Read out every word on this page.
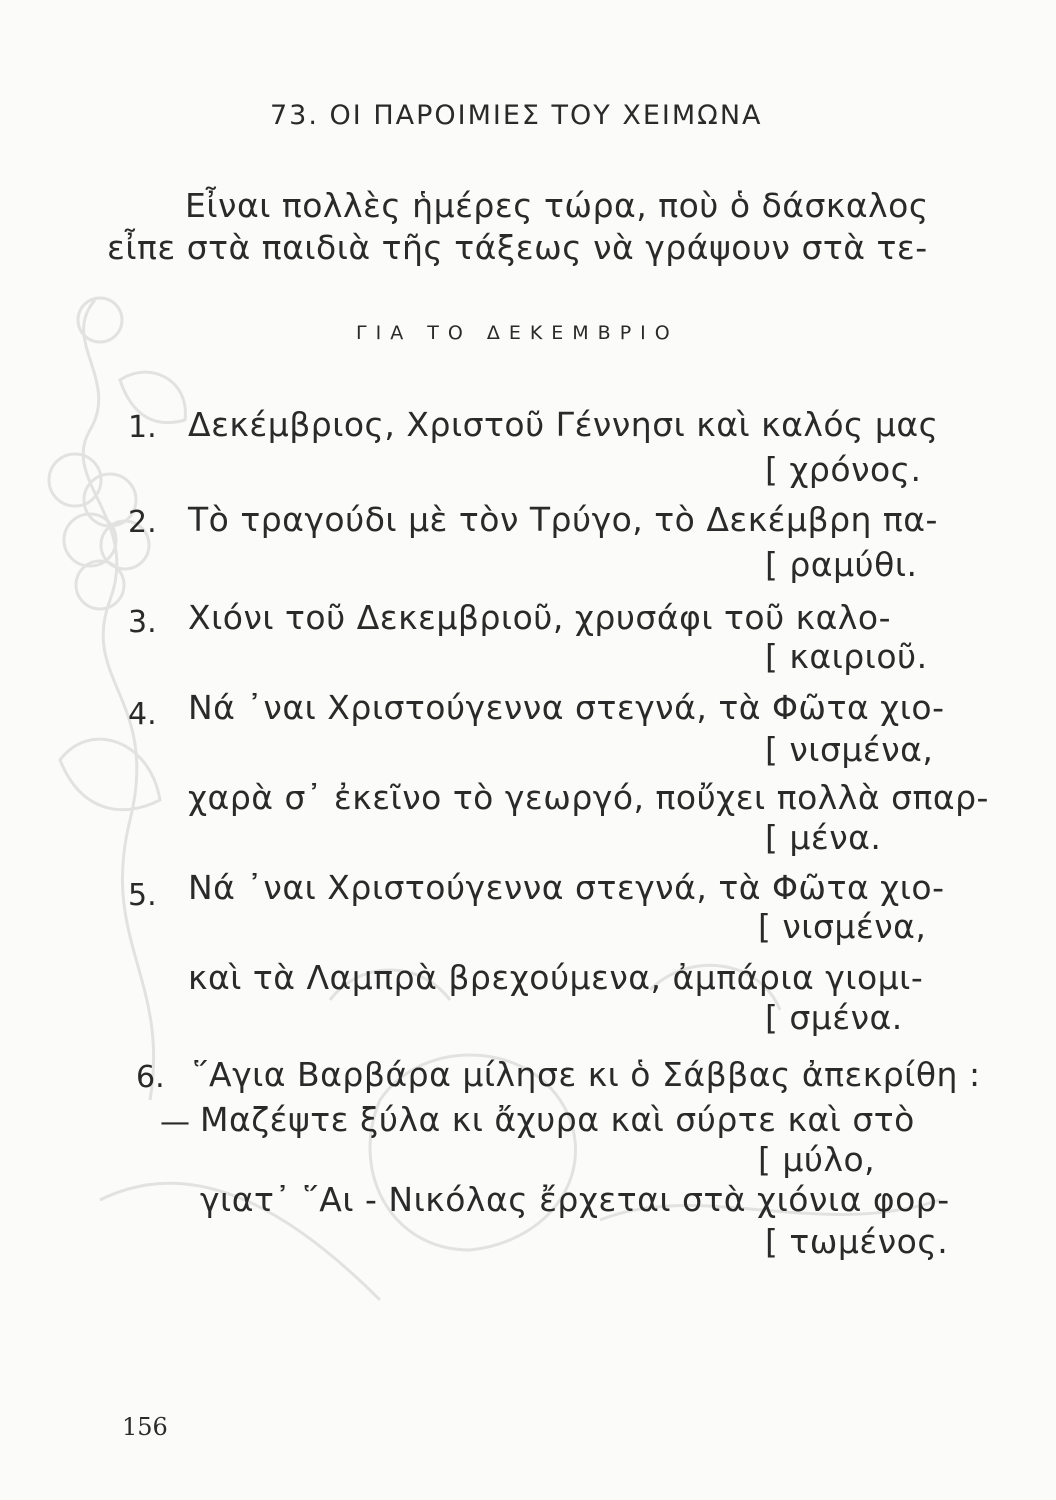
73. ΟΙ ΠΑΡΟΙΜΙΕΣ ΤΟΥ ΧΕΙΜΩΝΑ
Εἶναι πολλὲς ἡμέρες τώρα, ποὺ ὁ δάσκαλος
εἶπε στὰ παιδιὰ τῆς τάξεως νὰ γράψουν στὰ τε-
ΓΙΑ ΤΟ ΔΕΚΕΜΒΡΙΟ
1. Δεκέμβριος, Χριστοῦ Γέννησι καὶ καλός μας
[ χρόνος.
2. Τὸ τραγούδι μὲ τὸν Τρύγο, τὸ Δεκέμβρη πα-
[ ραμύθι.
3. Χιόνι τοῦ Δεκεμβριοῦ, χρυσάφι τοῦ καλο-
[ καιριοῦ.
4. Νά ᾽ναι Χριστούγεννα στεγνά, τὰ Φῶτα χιο-
[ νισμένα,
χαρὰ σ᾽ ἐκεῖνο τὸ γεωργό, ποὔχει πολλὰ σπαρ-
[ μένα.
5. Νά ᾽ναι Χριστούγεννα στεγνά, τὰ Φῶτα χιο-
[ νισμένα,
καὶ τὰ Λαμπρὰ βρεχούμενα, ἀμπάρια γιομι-
[ σμένα.
6. ῞Αγια Βαρβάρα μίλησε κι ὁ Σάββας ἀπεκρίθη :
— Μαζέψτε ξύλα κι ἄχυρα καὶ σύρτε καὶ στὸ
[ μύλο,
γιατ᾽ ῞Αι - Νικόλας ἔρχεται στὰ χιόνια φορ-
[ τωμένος.
156
